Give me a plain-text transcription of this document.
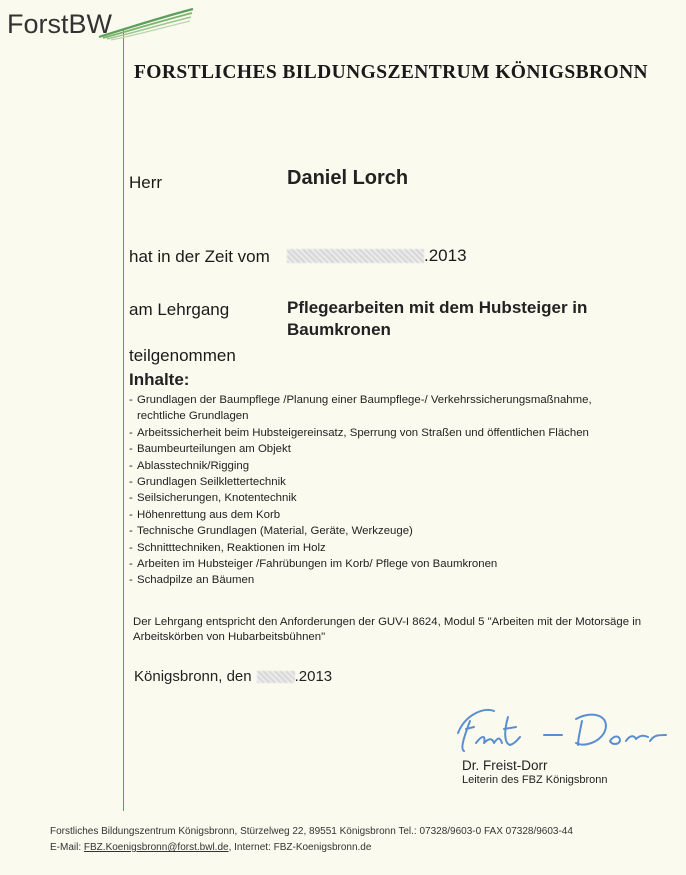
ForstBW
FORSTLICHES BILDUNGSZENTRUM KÖNIGSBRONN
Herr	Daniel Lorch
hat in der Zeit vom	.2013
am Lehrgang	Pflegearbeiten mit dem Hubsteiger in Baumkronen
teilgenommen
Inhalte:
- Grundlagen der Baumpflege /Planung einer Baumpflege-/ Verkehrssicherungsmaßnahme, rechtliche Grundlagen
- Arbeitssicherheit beim Hubsteigereinsatz, Sperrung von Straßen und öffentlichen Flächen
- Baumbeurteilungen am Objekt
- Ablasstechnik/Rigging
- Grundlagen Seilklettertechnik
- Seilsicherungen, Knotentechnik
- Höhenrettung aus dem Korb
- Technische Grundlagen (Material, Geräte, Werkzeuge)
- Schnitttechniken, Reaktionen im Holz
- Arbeiten im Hubsteiger /Fahrübungen im Korb/ Pflege von Baumkronen
- Schadpilze an Bäumen
Der Lehrgang entspricht den Anforderungen der GUV-I 8624, Modul 5 "Arbeiten mit der Motorsäge in Arbeitskörben von Hubarbeitsbühnen"
Königsbronn, den	.2013
Dr. Freist-Dorr
Leiterin des FBZ Königsbronn
Forstliches Bildungszentrum Königsbronn, Stürzelweg 22, 89551 Königsbronn Tel.: 07328/9603-0 FAX 07328/9603-44
E-Mail: FBZ.Koenigsbronn@forst.bwl.de, Internet: FBZ-Koenigsbronn.de
